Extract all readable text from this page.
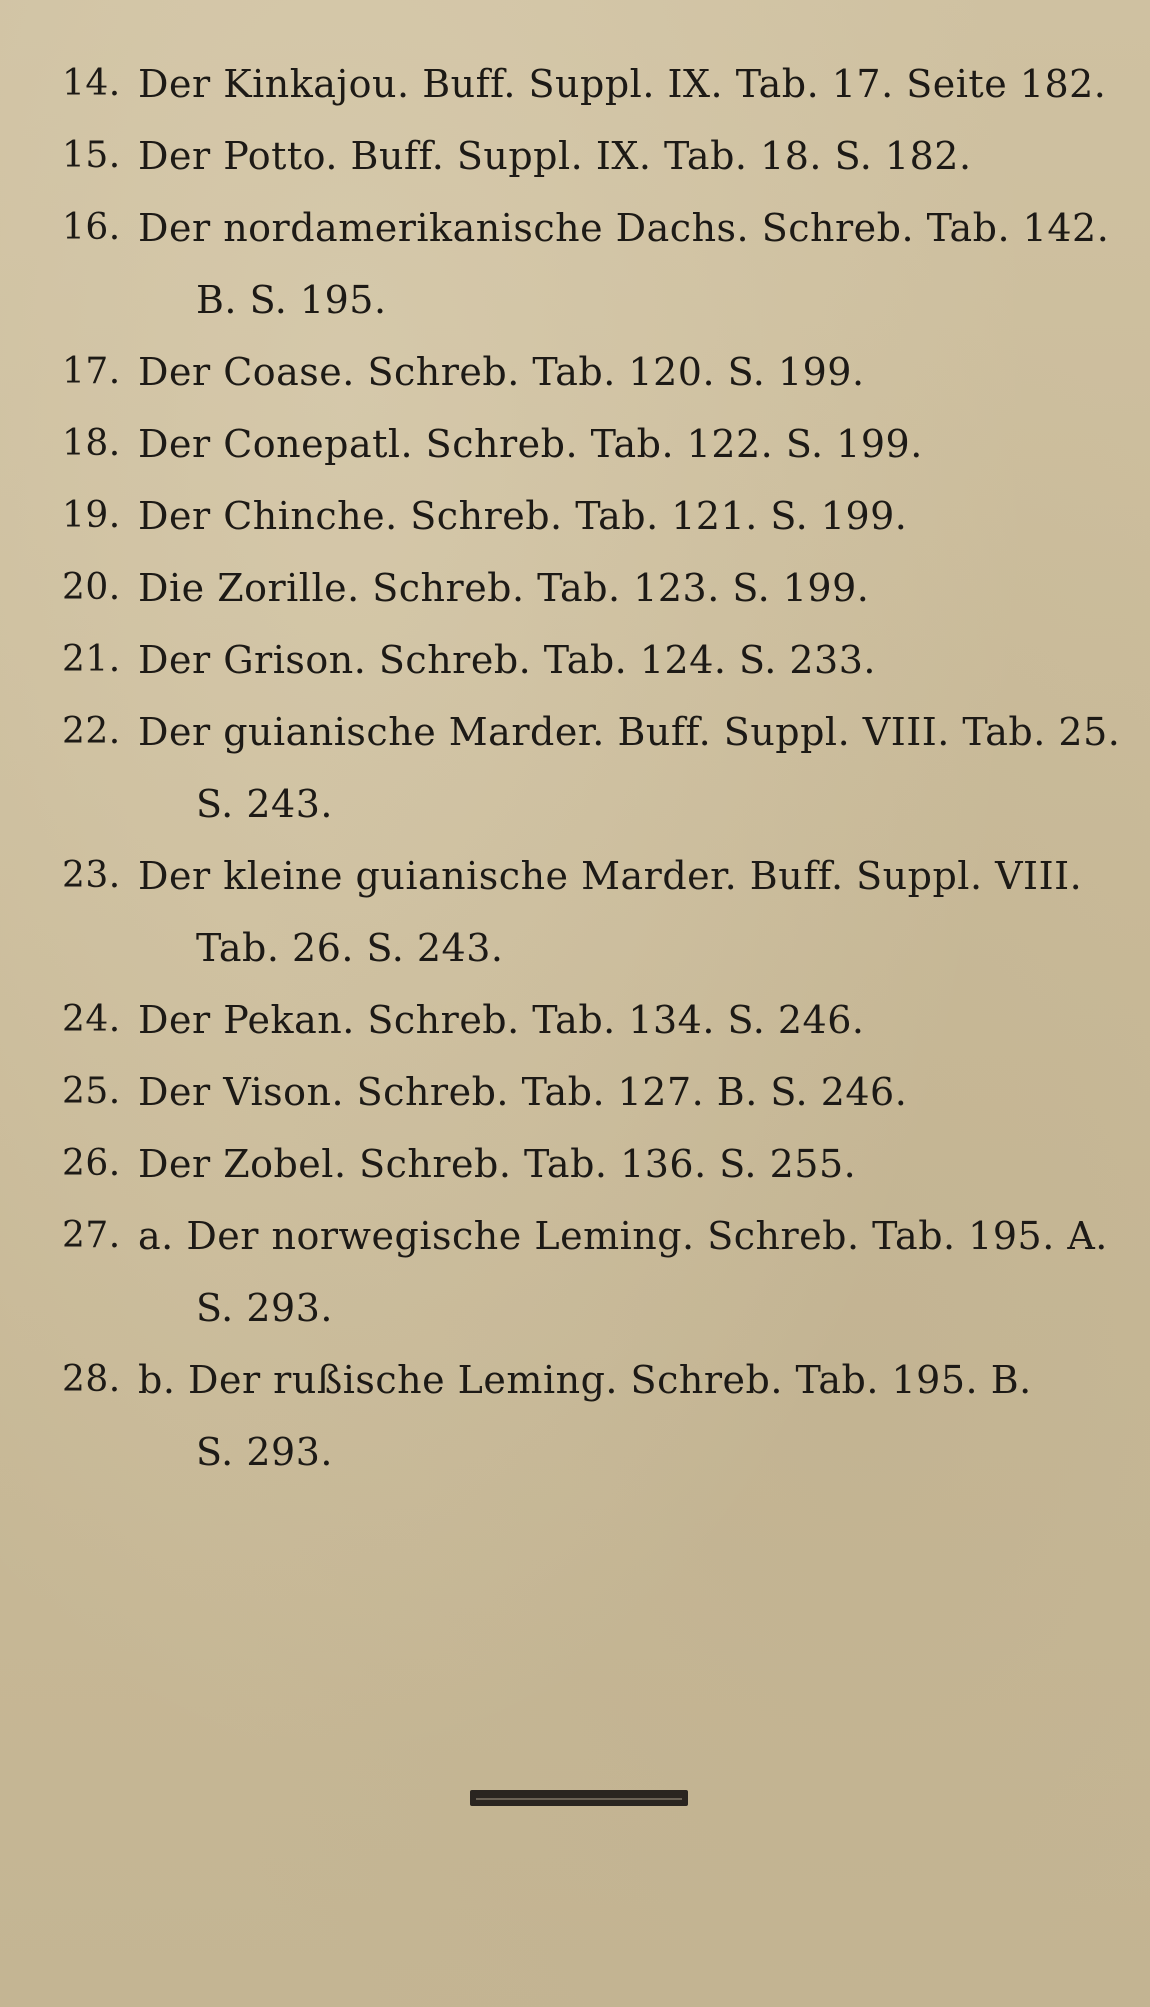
14. Der Kinkajou. Buff. Suppl. IX. Tab. 17. Seite 182.
15. Der Potto. Buff. Suppl. IX. Tab. 18. S. 182.
16. Der nordamerikanische Dachs. Schreb. Tab. 142.
B. S. 195.
17. Der Coase. Schreb. Tab. 120. S. 199.
18. Der Conepatl. Schreb. Tab. 122. S. 199.
19. Der Chinche. Schreb. Tab. 121. S. 199.
20. Die Zorille. Schreb. Tab. 123. S. 199.
21. Der Grison. Schreb. Tab. 124. S. 233.
22. Der guianische Marder. Buff. Suppl. VIII. Tab. 25.
S. 243.
23. Der kleine guianische Marder. Buff. Suppl. VIII.
Tab. 26. S. 243.
24. Der Pekan. Schreb. Tab. 134. S. 246.
25. Der Vison. Schreb. Tab. 127. B. S. 246.
26. Der Zobel. Schreb. Tab. 136. S. 255.
27. a. Der norwegische Leming. Schreb. Tab. 195. A.
S. 293.
28. b. Der rußische Leming. Schreb. Tab. 195. B.
S. 293.
